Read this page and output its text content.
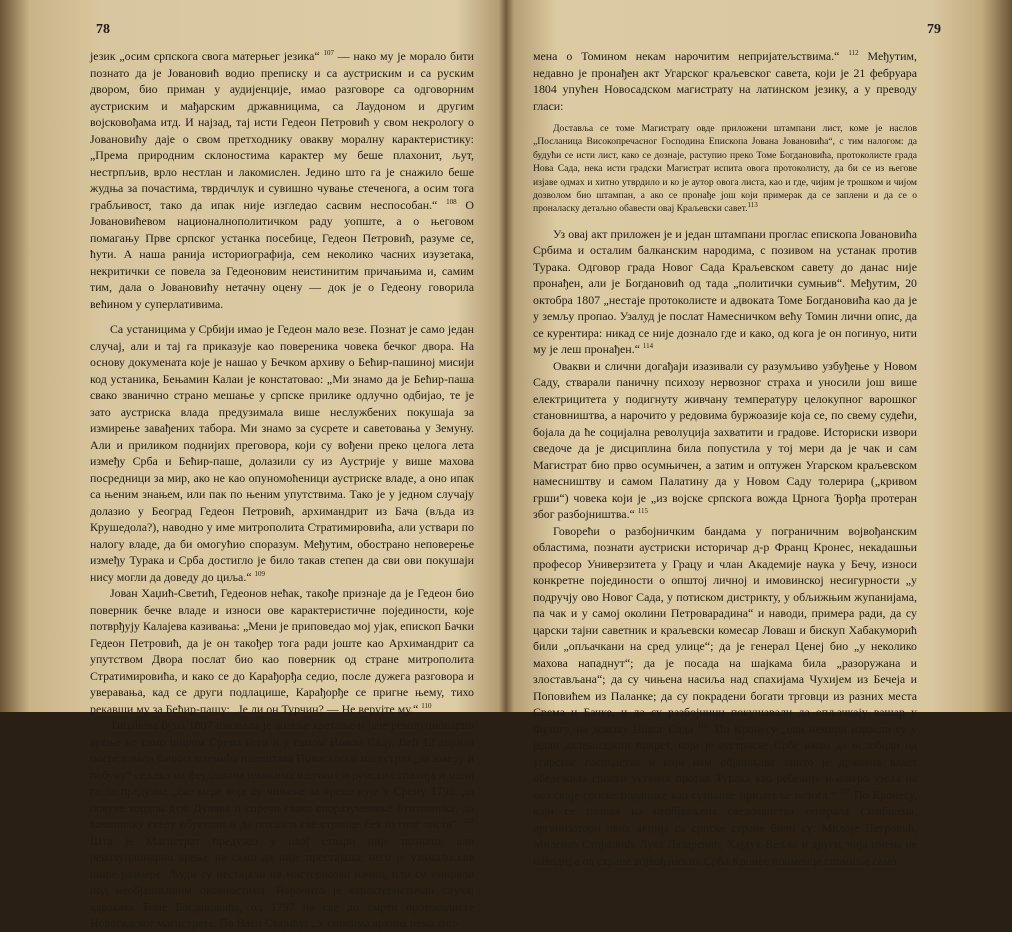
78

језик „осим српскога свога матерњег језика“ $^{107}$ — нако му је морало бити познато да је Јовановић водио преписку и са аустриским и са руским двором, био приман у аудијенције, имао разговоре са одговорним аустриским и мађарским државницима, са Лаудоном и другим војсковођама итд. И најзад, тај исти Гедеон Петровић у свом некрологу о Јовановићу даје о свом претходнику овакву моралну карактеристику: „Према природним склоностима карактер му беше плахонит, љут, нестрпљив, врло нестлан и лакомислен. Једино што га је снажило беше жудња за почастима, тврдичлук и сувишно чување стеченога, а осим тога грабљивост, тако да ипак није изгледао сасвим неспособан.“ $^{108}$ О Јовановићевом националнополитичком раду уопште, а о његовом помагању Прве српског устанка посебице, Гедеон Петровић, разуме се, ћути. А наша ранија историографија, сем неколико часних изузетака, некритички се повела за Гедеоновим неистинитим причањима и, самим тим, дала о Јовановићу нетачну оцену — док је о Гедеону говорила већином у суперлативима.

Са устаницима у Србији имао је Гедеон мало везе. Познат је само један случај, али и тај га приказује као повереника човека бечког двора. На основу докумената које је нашао у Бечком архиву о Бећир-пашиној мисији код устаника, Бењамин Калаи је констатовао: „Ми знамо да је Бећир-паша свако званично страно мешање у српске прилике одлучно одбијао, те је зато аустриска влада предузимала више неслужбених покушаја за измирење завађених табора. Ми знамо за сусрете и саветовања у Земуну. Али и приликом поднијих преговора, који су вођени преко целога лета између Срба и Бећир-паше, долазили су из Аустрије у више махова посредници за мир, ако не као опуномоћеници аустриске владе, а оно ипак са њеним знањем, или пак по њеним упутствима. Тако је у једном случају долазио у Београд Гедеон Петровић, архимандрит из Бача (вљда из Крушедола?), наводно у име митрополита Стратимировића, али уствари по налогу владе, да би омогућио споразум. Међутим, обострано неповерење између Турака и Срба достигло је било такав степен да сви ови покушаји нису могли да доведу до циља.“ $^{109}$

Јован Хаџић-Светић, Гедеонов нећак, такође признаје да је Гедеон био поверник бечке владе и износи ове карактеристичне појединости, које потврђују Калајева казивања: „Мени је приповедао мој ујак, епископ Бачки Гедеон Петровић, да је он такођер тога ради јоште као Архимандрит са упутством Двора послат био као поверник од стране митрополита Стратимировића, и како се до Карађорђа седио, после дужега разговора и уверавања, кад се други подлацише, Карађорђе се пригне њему, тихо рекавши му за Бећир-пашу: „Је ли он Турчин? — Не верујте му.“ $^{110}$

Тицанова буна 1807 изазвала је живље кретање и јаче револуционарно врење не само широм Срема него и у самом Новом Саду. Већ 12 априла посредовали бачких племића извештава Новосадски магистрат „за заверу и побуну“ сељака на феудалним имањима илочких и румских спахија и моли га да предузме „све мере које су чињене за време кује у Срему 1795: да повуче кордон дуж Дунава и спречи свако споразумевање бунтовника, да каменичку скелу обустави и да похапси све странце без путног листа“. $^{111}$ Шта је Магистрат предузео у овој ствари није познато, али револуционарно врење не само да није престајало, него је узимало све шире размере. Људи су нестајали на мистериозан начин, или су умирали под необјашњивим околностима. Нарочито је карактеристичан случај адвоката Томе Богдановића, од 1797 па све до смрти протоколисте Новосадског магистрата. По Васи Стајићу: „У списима архива нема спо-

79

мена о Томином некам нарочитим неприjатељствима.“ $^{112}$ Међутим, недавно је пронађен акт Угарског краљевског савета, који је 21 фебруара 1804 упућен Новосадском магистрату на латинском језику, а у преводу гласи:

Доставља се томе Магистрату овде приложени штампани лист, коме је наслов „Посланица Високопречасног Господина Епископа Јована Јовановића“, с тим налогом: да будући се исти лист, како се дознаје, раступио преко Томе Богдановића, протоколисте града Нова Сада, нека исти градски Магистрат испита овога протоколисту, да би се из његове изјаве одмах и хитно утврдило и ко је аутор овога листа, као и где, чијим је трошком и чијом дозволом био штампан, а ако се пронађе још који примерак да се заплени и да се о проналаску детаљно обавести овај Краљевски савет.$^{113}$

Уз овај акт приложен је и један штампани проглас епископа Јовановића Србима и осталим балканским народима, с позивом на устанак против Турака. Одговор града Новог Сада Краљевском савету до данас није пронађен, али је Богдановић од тада „политички сумњив“. Међутим, 20 октобра 1807 „нестаје протоколисте и адвоката Томе Богдановића као да је у земљу пропао. Узалуд је послат Намесничком већу Томин лични опис, да се курентира: никад се није дознало где и како, од кога је он погинуо, нити му је леш пронађен.“ $^{114}$

Овакви и слични догађаји изазивали су разумљиво узбуђење у Новом Саду, стварали паничну психозу нервозног страха и уносили још више електрицитета у подигнуту живчану температуру целокупног варошког становништва, а нарочито у редовима буржоазије која се, по свему судећи, бојала да ће социјална револуција захватити и градове. Историски извори сведоче да је дисциплина била попустила у тој мери да је чак и сам Магистрат био прво осумњичен, а затим и оптужен Угарском краљевском намесништву и самом Палатину да у Новом Саду толерира („кривом грши“) човека који је „из војске српскога вожда Црнога Ђорђа протеран због разбојништва.“ $^{115}$

Говорећи о разбојничким бандама у пограничним војвођанским областима, познати аустриски историчар д-р Франц Кронес, некадашњи професор Универзитета у Грацу и члан Академије наука у Бечу, износи конкретне појединости о општој личној и имовинској несигурности „у подручју ово Новог Сада, у потиском дистрикту, у обљижњим жупанијама, па чак и у самој околини Петроварадина“ и наводи, примера ради, да су царски тајни саветник и краљевски комесар Ловаш и бискуп Хабакуморић били „опљачкани на сред улице“; да је генерал Ценеј био „у неколико махова нападнут“; да је посада на шајкама била „разоружана и злостављана“; да су чињена насиља над спахијама Чухијем из Бечеја и Поповићем из Паланке; да су покрадени богати трговци из разних места Срема и Бачке, и да су разбојници покушавали да опљачкају вашар у Футогу, на домаку Новог Сада $^{116}$. По Кронесу „ови немири израсли су у један далекосежни покрет, који је аустриске Србе имао да ослободи од угарског господства и који нам објашњава зашто је држвана власт обележила српски устанак против Турака као ребелију и оштро узела на око своје српске поданике као сумњиве пријатеље истога.“ $^{117}$ По Кронесу, који се позива на необјављена сведочанства генерала Симбшена, организатори ових акција са српске стране били су: Милоје Петровић, Миленко Стојковић, Лука Лазаревић, Хајдук-Вељко и други, чија имена не наводи; а од стране војвођанских Срба Кронес поименце спомиње само
